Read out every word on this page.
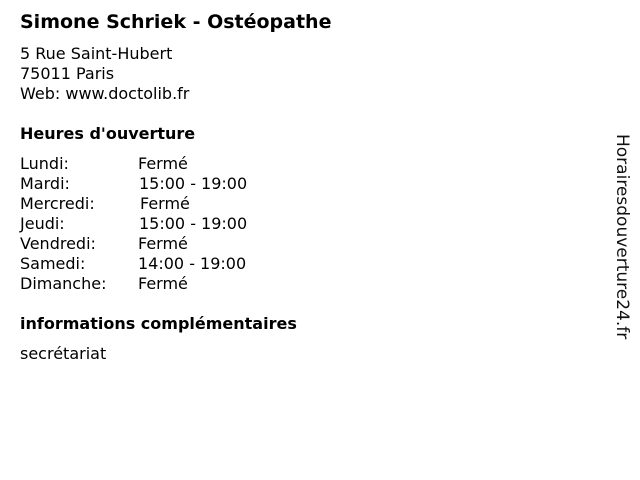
Simone Schriek - Ostéopathe
5 Rue Saint-Hubert
75011 Paris
Web: www.doctolib.fr
Heures d'ouverture
Lundi:	Fermé
Mardi:	15:00 - 19:00
Mercredi:	Fermé
Jeudi:	15:00 - 19:00
Vendredi:	Fermé
Samedi:	14:00 - 19:00
Dimanche: Fermé
informations complémentaires
secrétariat
Horairesdouverture24.fr
